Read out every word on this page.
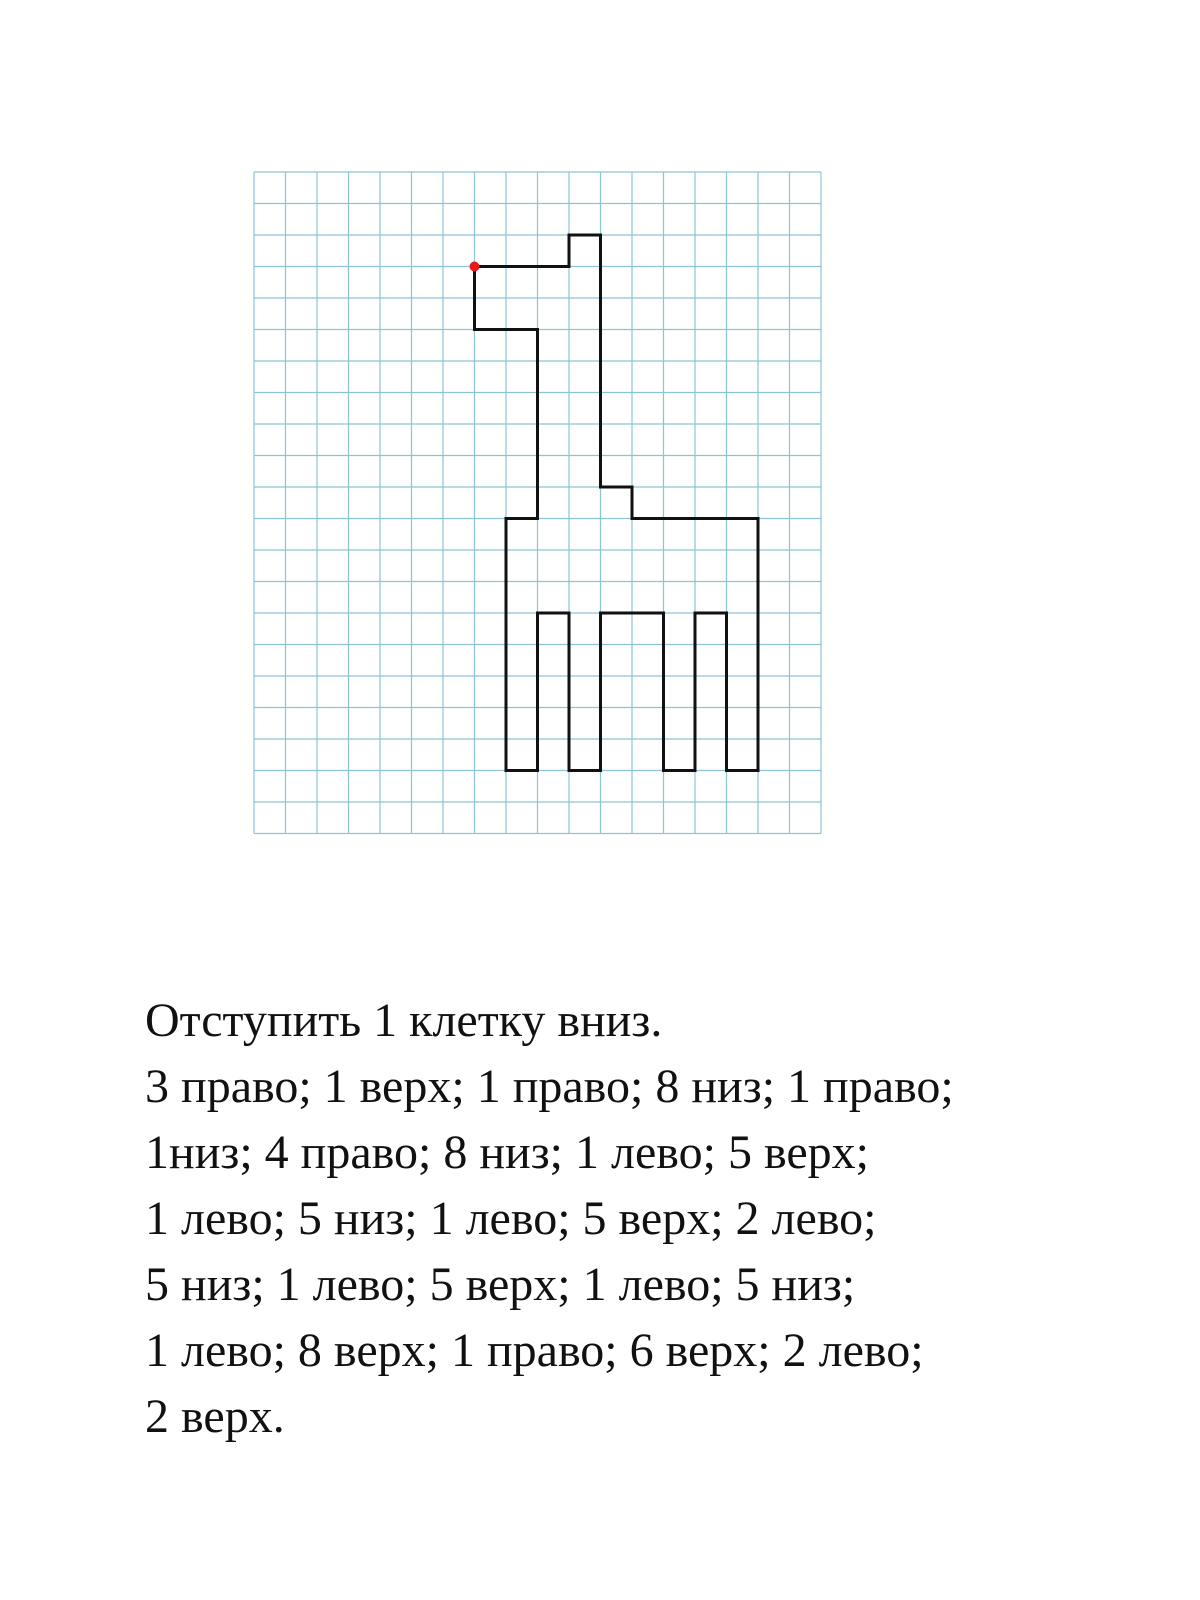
Отступить 1 клетку вниз.
3 право; 1 верх; 1 право; 8 низ; 1 право;
1низ; 4 право; 8 низ; 1 лево; 5 верх;
1 лево; 5 низ; 1 лево; 5 верх; 2 лево;
5 низ; 1 лево; 5 верх; 1 лево; 5 низ;
1 лево; 8 верх; 1 право; 6 верх; 2 лево;
2 верх.
